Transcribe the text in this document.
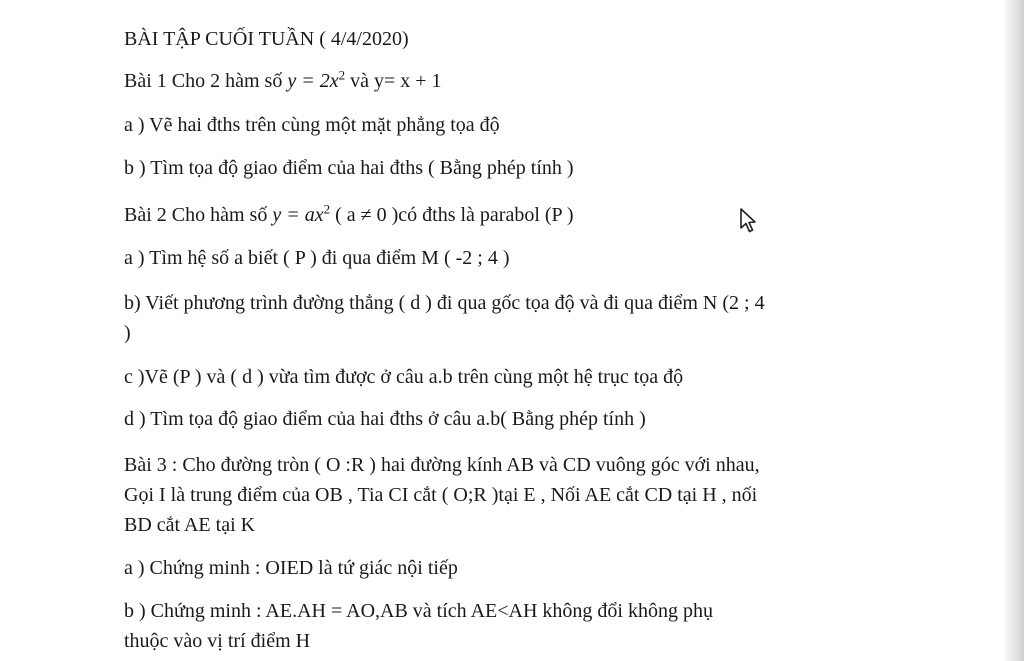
BÀI TẬP CUỐI TUẦN ( 4/4/2020)
Bài 1 Cho 2 hàm số $y = 2x^2$ và y= x + 1
a ) Vẽ hai đths trên cùng một mặt phẳng tọa độ
b ) Tìm tọa độ giao điểm của hai đths ( Bằng phép tính )
Bài 2 Cho hàm số $y = ax^2$ ( a ≠ 0 )có đths là parabol (P )
a ) Tìm hệ số a biết ( P ) đi qua điểm M ( -2 ; 4 )
b) Viết phương trình đường thẳng ( d ) đi qua gốc tọa độ và đi qua điểm N (2 ; 4
)
c )Vẽ (P ) và ( d ) vừa tìm được ở câu a.b trên cùng một hệ trục tọa độ
d ) Tìm tọa độ giao điểm của hai đths ở câu a.b( Bằng phép tính )
Bài 3 : Cho đường tròn ( O :R ) hai đường kính AB và CD vuông góc với nhau,
Gọi I là trung điểm của OB , Tia CI cắt ( O;R )tại E , Nối AE cắt CD tại H , nối
BD cắt AE tại K
a ) Chứng minh : OIED là tứ giác nội tiếp
b ) Chứng minh : AE.AH = AO,AB và tích AE<AH không đổi không phụ
thuộc vào vị trí điểm H
